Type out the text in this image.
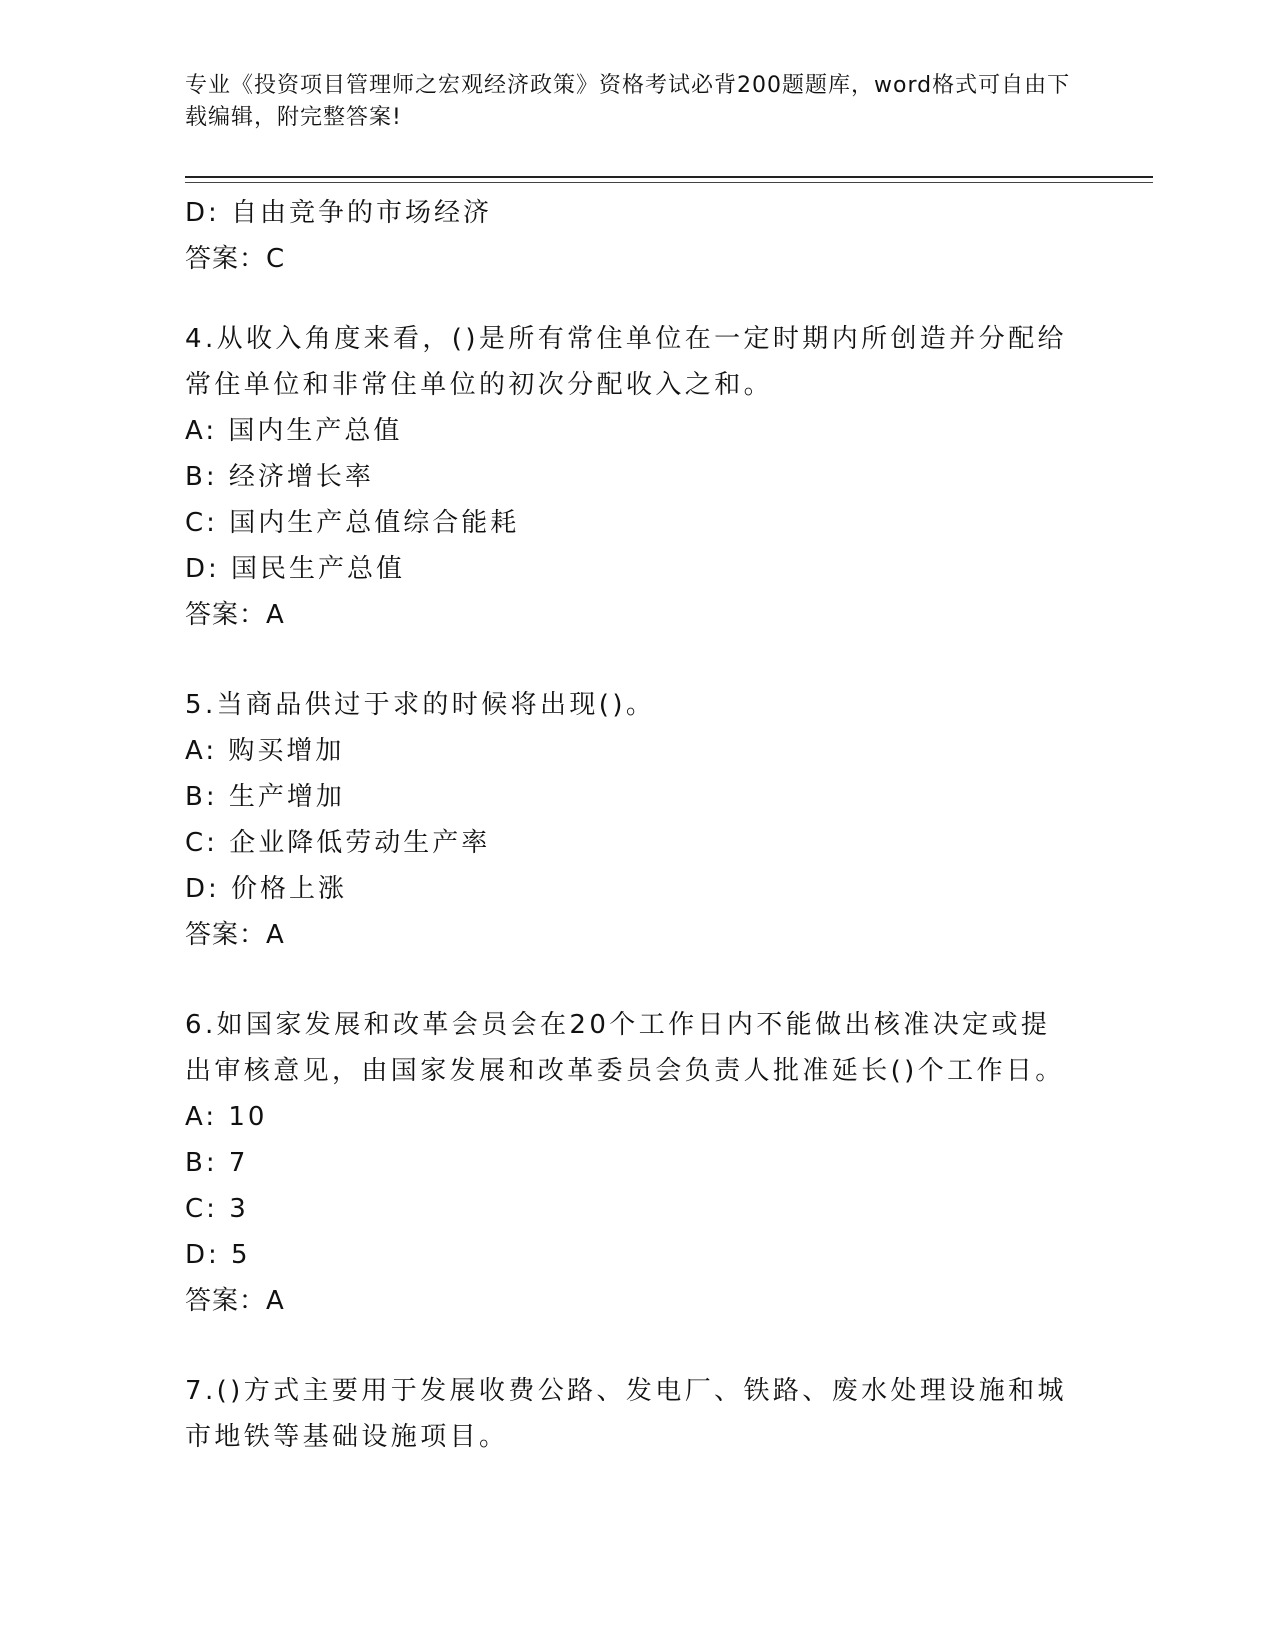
专业《投资项目管理师之宏观经济政策》资格考试必背200题题库，word格式可自由下载编辑，附完整答案!

D: 自由竞争的市场经济

答案：C

4.从收入角度来看，()是所有常住单位在一定时期内所创造并分配给常住单位和非常住单位的初次分配收入之和。

A: 国内生产总值

B: 经济增长率

C: 国内生产总值综合能耗

D: 国民生产总值

答案：A

5.当商品供过于求的时候将出现()。

A: 购买增加

B: 生产增加

C: 企业降低劳动生产率

D: 价格上涨

答案：A

6.如国家发展和改革会员会在20个工作日内不能做出核准决定或提出审核意见，由国家发展和改革委员会负责人批准延长()个工作日。

A: 10

B: 7

C: 3

D: 5

答案：A

7.()方式主要用于发展收费公路、发电厂、铁路、废水处理设施和城市地铁等基础设施项目。
